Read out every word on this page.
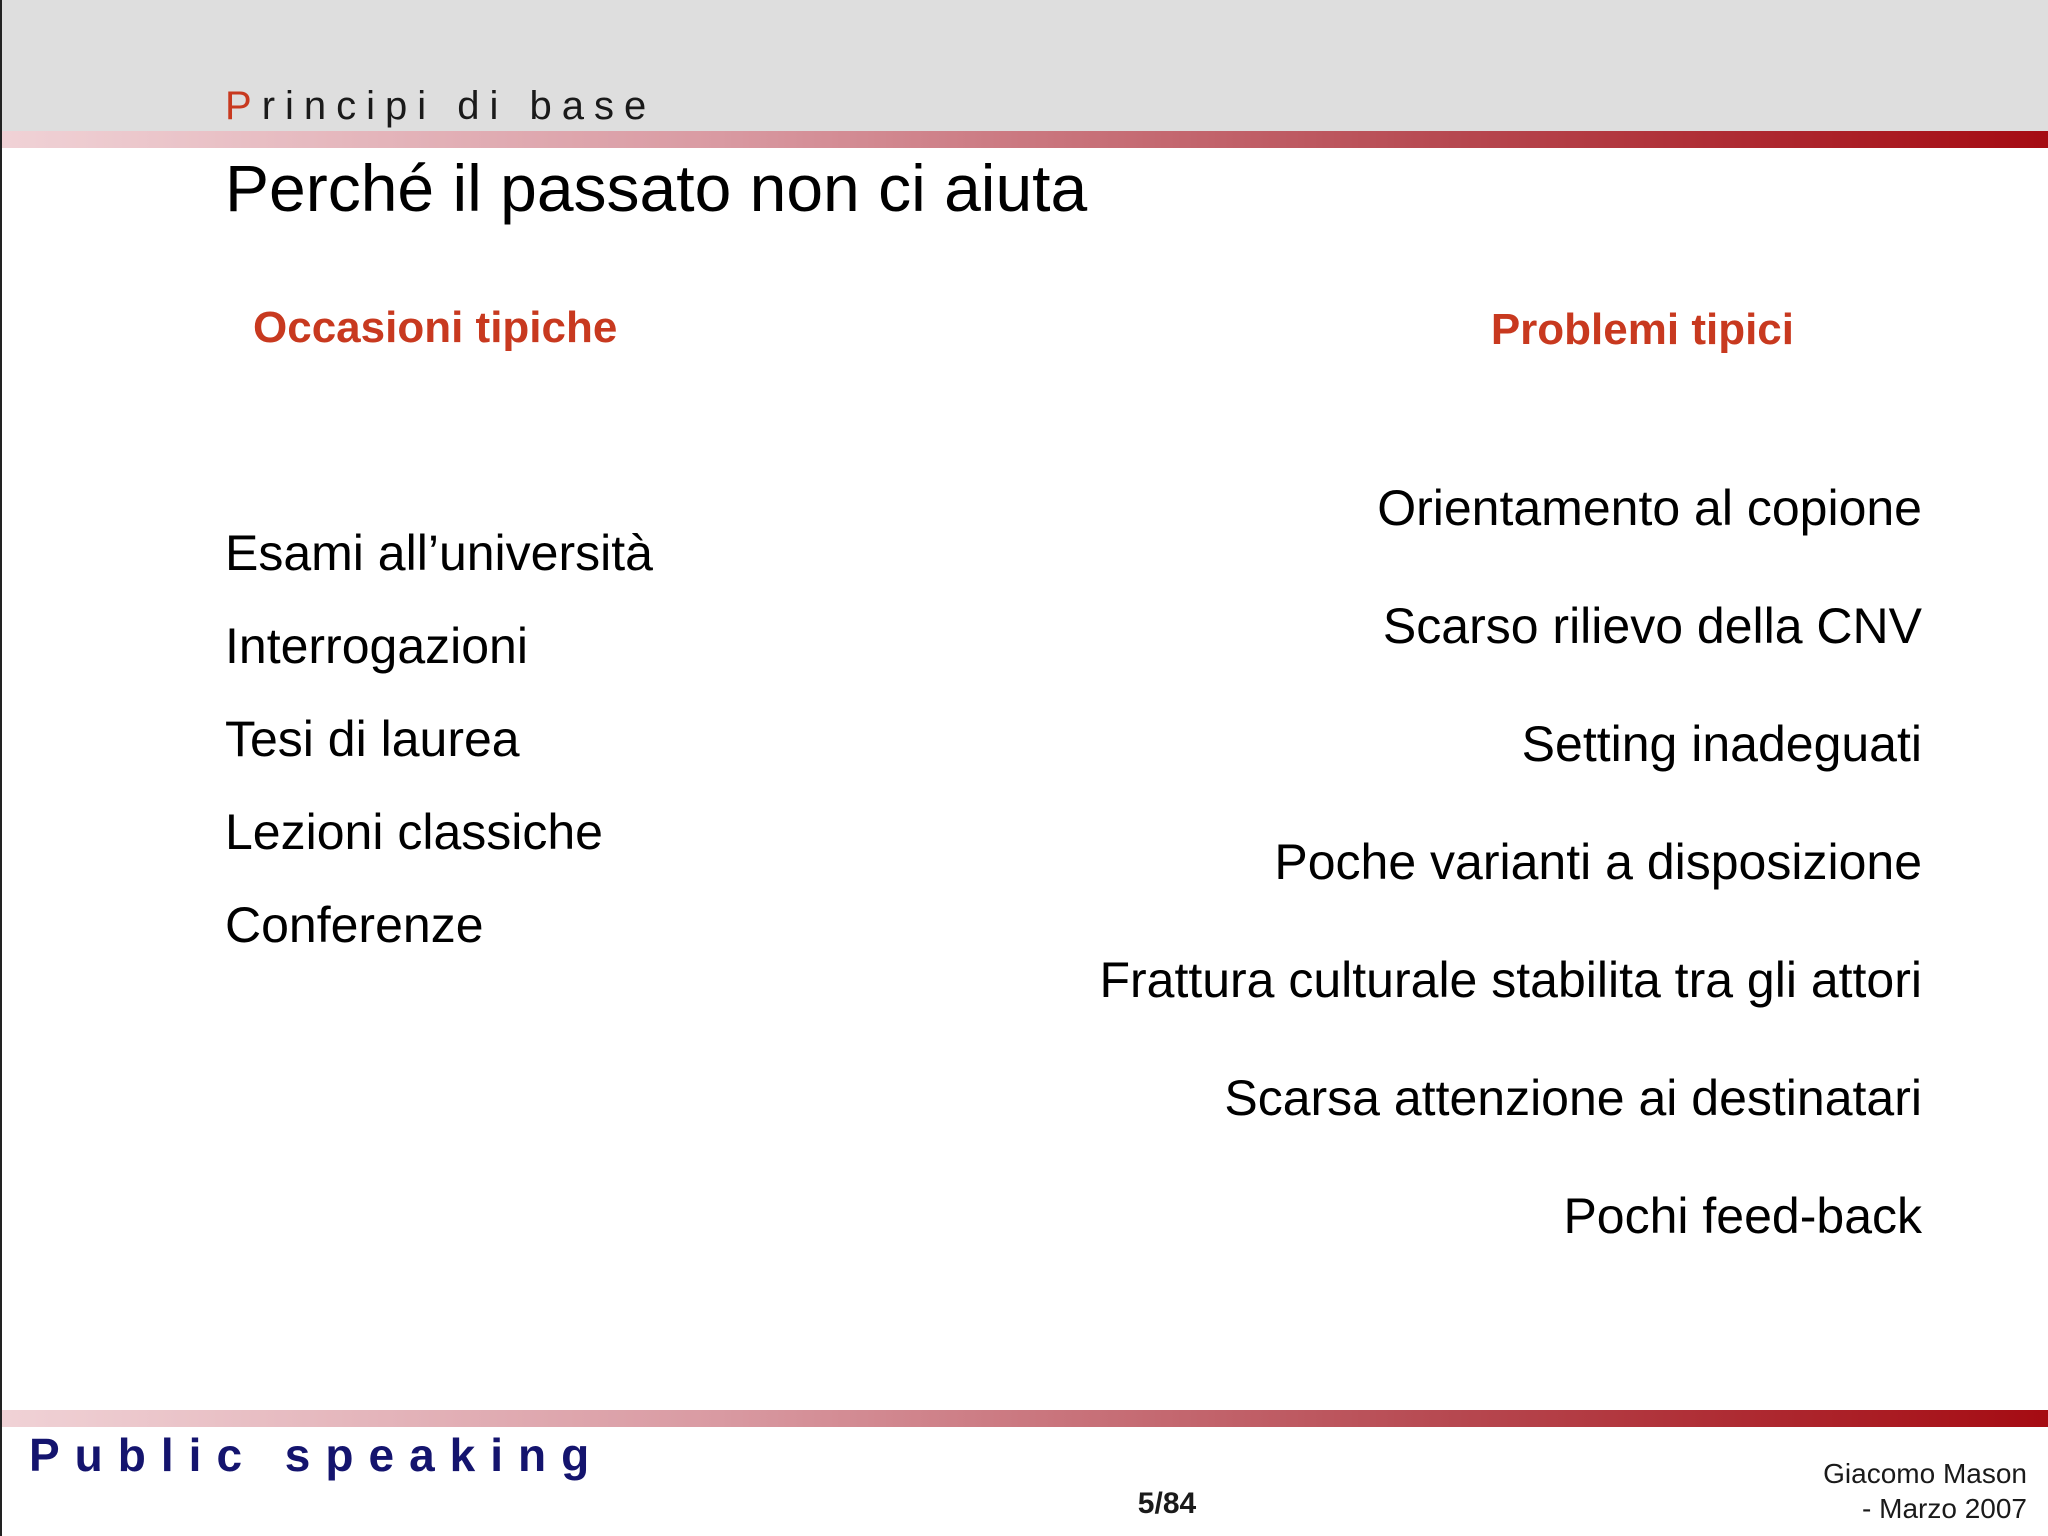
Principi di base
Perché il passato non ci aiuta
Occasioni tipiche	Problemi tipici
Esami all’università
Interrogazioni
Tesi di laurea
Lezioni classiche
Conferenze
Orientamento al copione
Scarso rilievo della CNV
Setting inadeguati
Poche varianti a disposizione
Frattura culturale stabilita tra gli attori
Scarsa attenzione ai destinatari
Pochi feed-back
Public speaking
5/84
Giacomo Mason
- Marzo 2007
